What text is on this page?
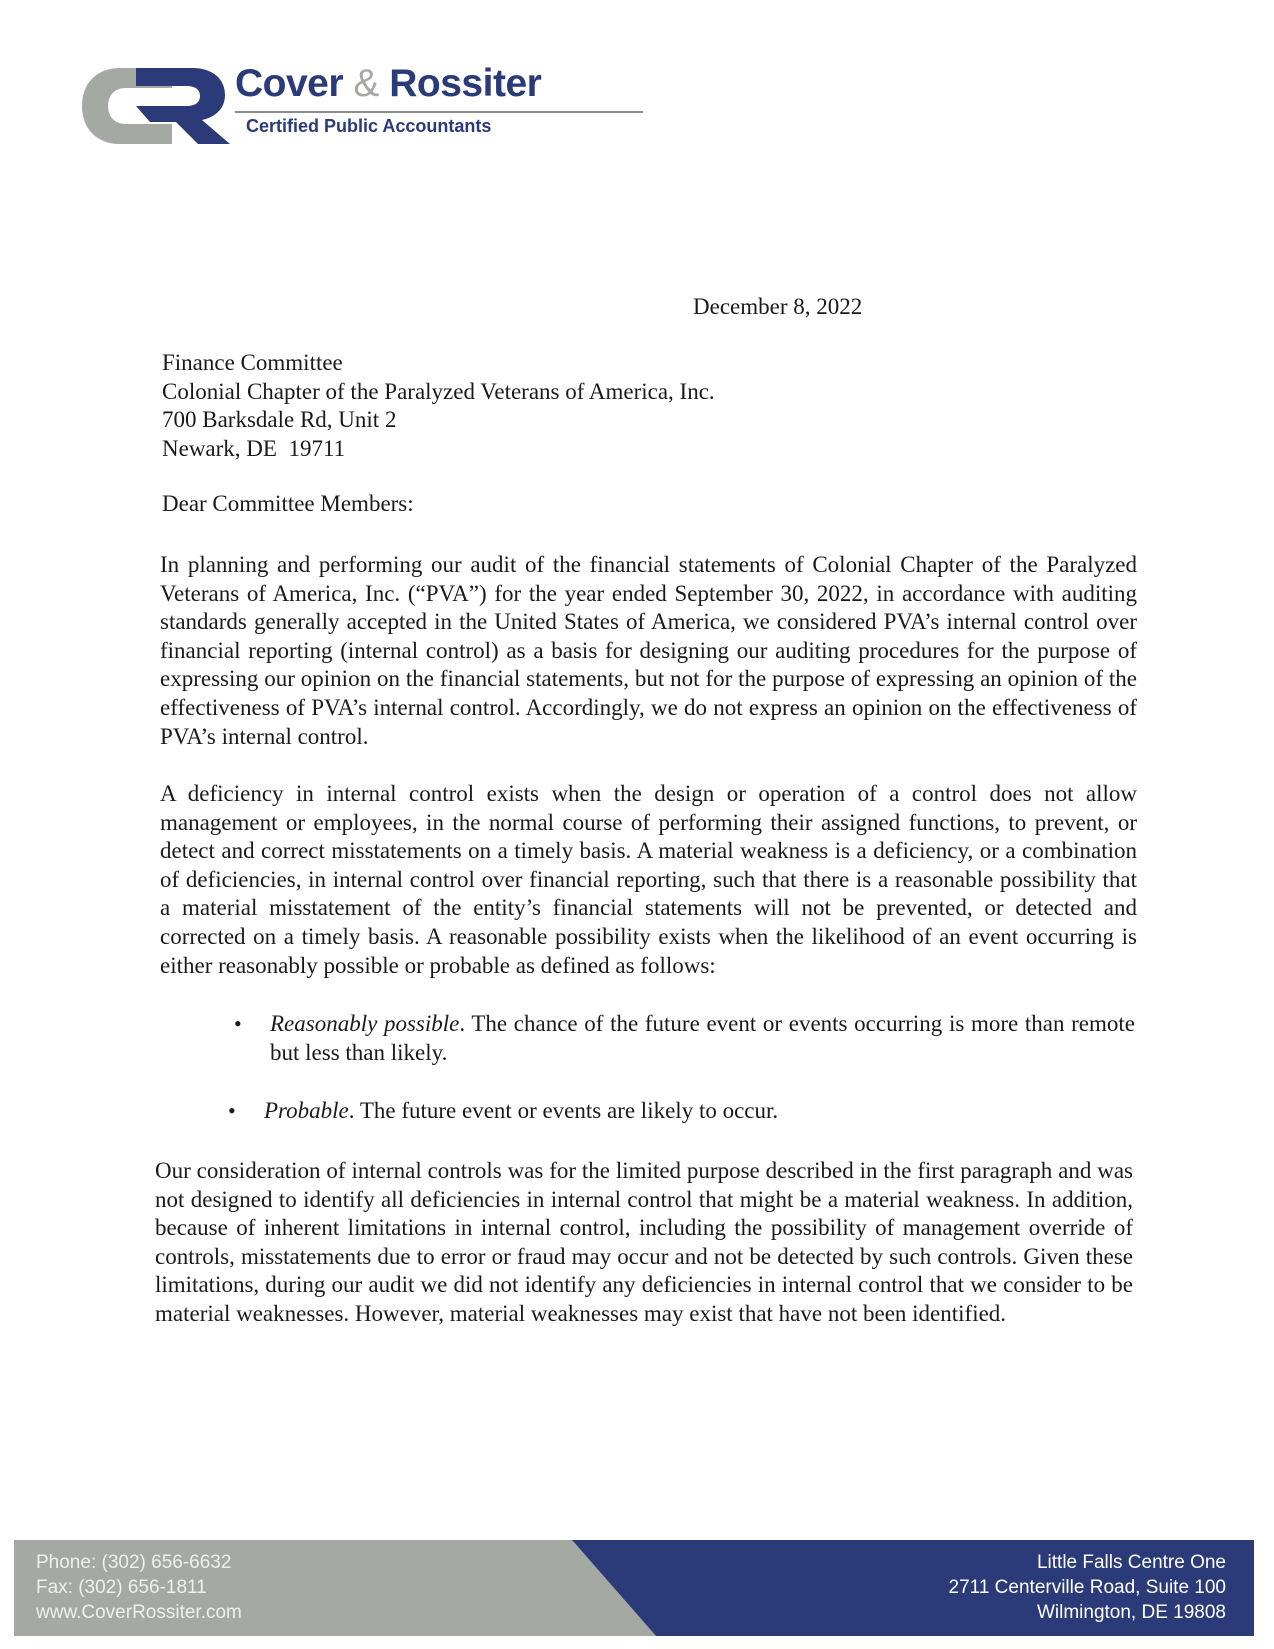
Cover & Rossiter
Certified Public Accountants
December 8, 2022
Finance Committee
Colonial Chapter of the Paralyzed Veterans of America, Inc.
700 Barksdale Rd, Unit 2
Newark, DE  19711
Dear Committee Members:

In planning and performing our audit of the financial statements of Colonial Chapter of the Paralyzed Veterans of America, Inc. (“PVA”) for the year ended September 30, 2022, in accordance with auditing standards generally accepted in the United States of America, we considered PVA’s internal control over financial reporting (internal control) as a basis for designing our auditing procedures for the purpose of expressing our opinion on the financial statements, but not for the purpose of expressing an opinion of the effectiveness of PVA’s internal control. Accordingly, we do not express an opinion on the effectiveness of PVA’s internal control.

A deficiency in internal control exists when the design or operation of a control does not allow management or employees, in the normal course of performing their assigned functions, to prevent, or detect and correct misstatements on a timely basis. A material weakness is a deficiency, or a combination of deficiencies, in internal control over financial reporting, such that there is a reasonable possibility that a material misstatement of the entity’s financial statements will not be prevented, or detected and corrected on a timely basis. A reasonable possibility exists when the likelihood of an event occurring is either reasonably possible or probable as defined as follows:

• Reasonably possible. The chance of the future event or events occurring is more than remote but less than likely.
• Probable. The future event or events are likely to occur.

Our consideration of internal controls was for the limited purpose described in the first paragraph and was not designed to identify all deficiencies in internal control that might be a material weakness. In addition, because of inherent limitations in internal control, including the possibility of management override of controls, misstatements due to error or fraud may occur and not be detected by such controls. Given these limitations, during our audit we did not identify any deficiencies in internal control that we consider to be material weaknesses. However, material weaknesses may exist that have not been identified.

Phone: (302) 656-6632
Fax: (302) 656-1811
www.CoverRossiter.com
Little Falls Centre One
2711 Centerville Road, Suite 100
Wilmington, DE 19808
